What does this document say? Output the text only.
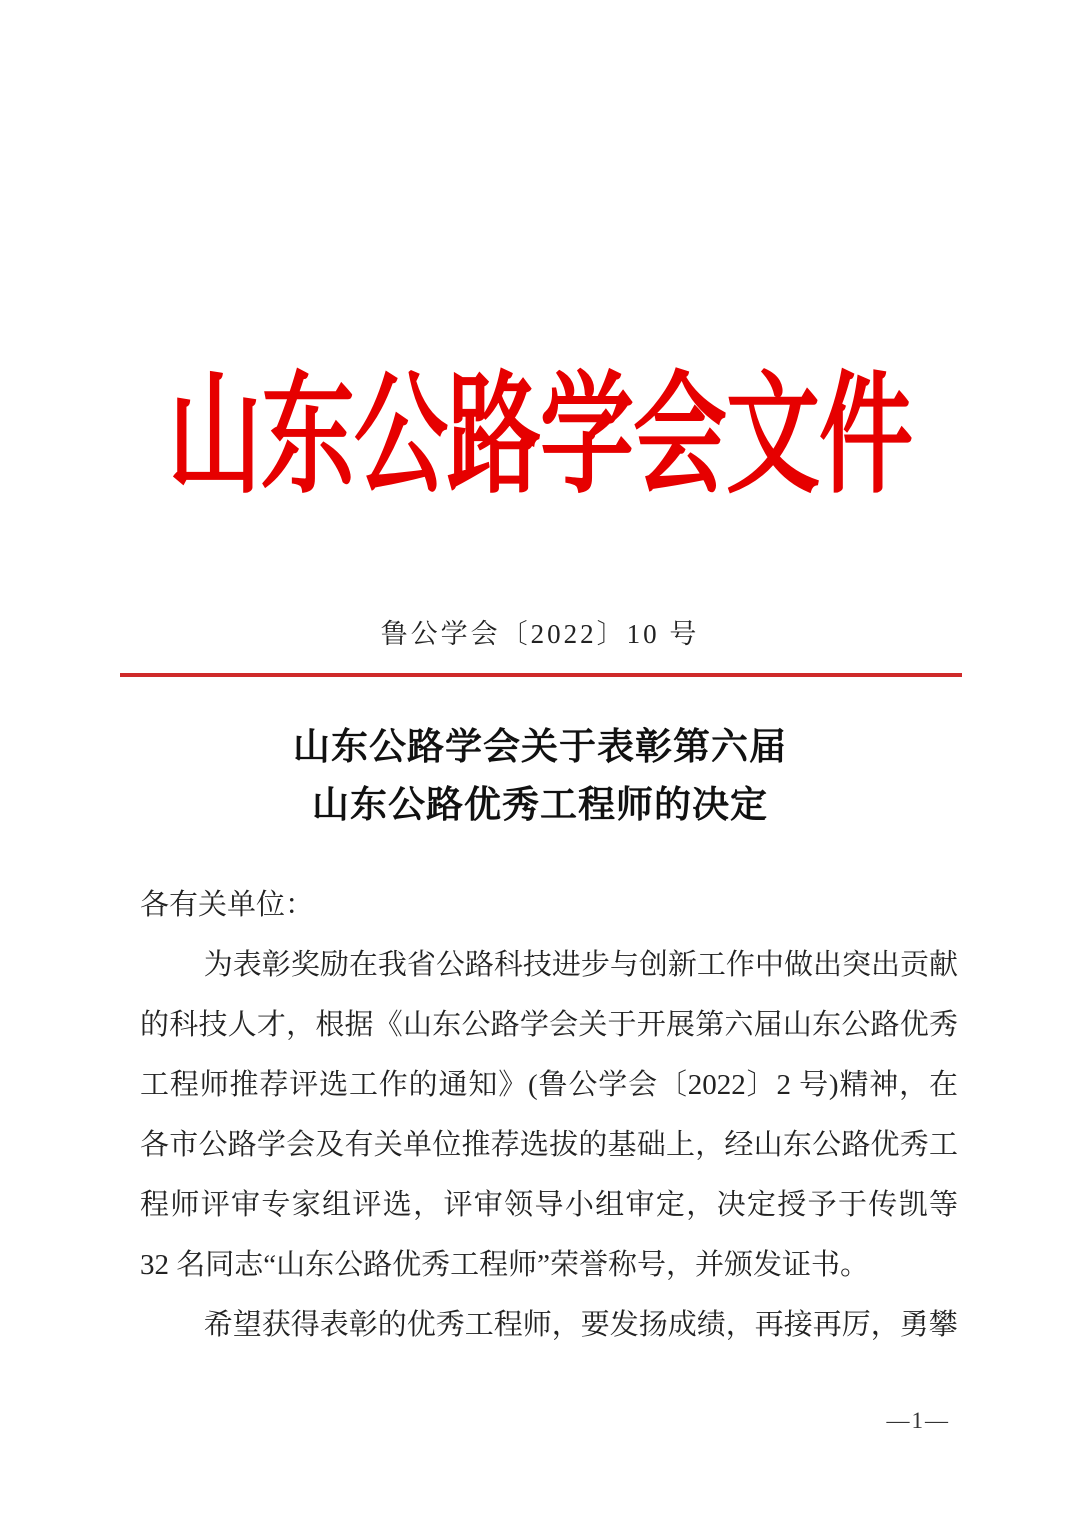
山东公路学会文件
鲁公学会〔2022〕10 号
山东公路学会关于表彰第六届
山东公路优秀工程师的决定

各有关单位：

为表彰奖励在我省公路科技进步与创新工作中做出突出贡献的科技人才，根据《山东公路学会关于开展第六届山东公路优秀工程师推荐评选工作的通知》(鲁公学会〔2022〕2 号)精神，在各市公路学会及有关单位推荐选拔的基础上，经山东公路优秀工程师评审专家组评选，评审领导小组审定，决定授予于传凯等 32 名同志“山东公路优秀工程师”荣誉称号，并颁发证书。

希望获得表彰的优秀工程师，要发扬成绩，再接再厉，勇攀

—1—
